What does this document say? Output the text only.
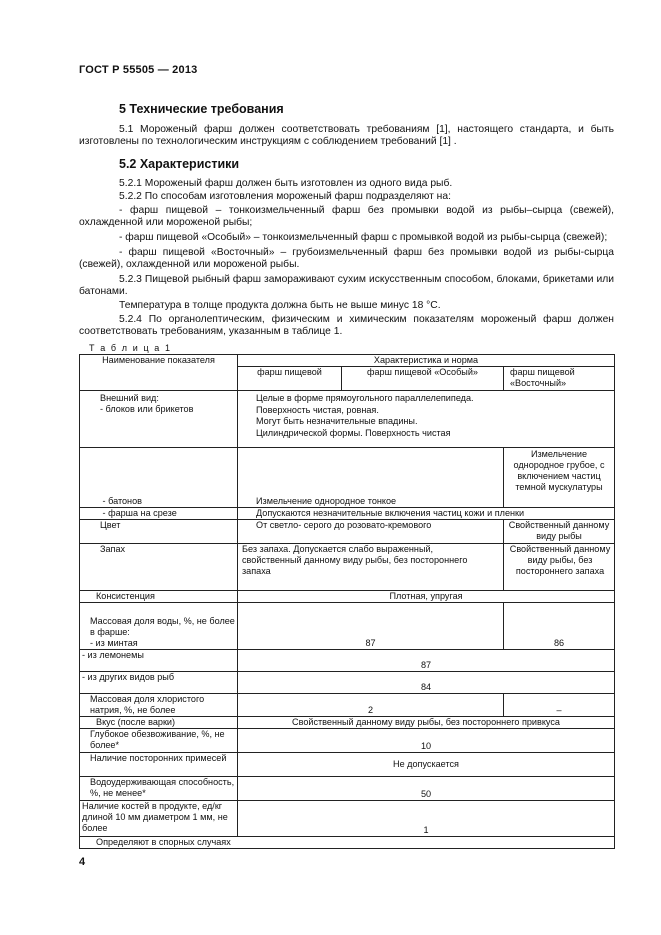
ГОСТ Р 55505 — 2013
5 Технические требования
5.1 Мороженый фарш должен соответствовать требованиям [1], настоящего стандарта, и быть изготовлены по технологическим инструкциям с соблюдением требований [1] .
5.2 Характеристики

5.2.1 Мороженый фарш должен быть изготовлен из одного вида рыб.

5.2.2 По способам изготовления мороженый фарш подразделяют на:

- фарш пищевой – тонкоизмельченный фарш без промывки водой из рыбы–сырца (свежей), охлажденной или мороженой рыбы;

- фарш пищевой «Особый» – тонкоизмельченный фарш с промывкой водой из рыбы-сырца (свежей);

- фарш пищевой «Восточный» – грубоизмельченный фарш без промывки водой из рыбы-сырца (свежей), охлажденной или мороженой рыбы.

5.2.3 Пищевой рыбный фарш замораживают сухим искусственным способом, блоками, брикетами или батонами.

Температура в толще продукта должна быть не выше минус 18 °С.

5.2.4 По органолептическим, физическим и химическим показателям мороженый фарш должен соответствовать требованиям, указанным в таблице 1.

Т а б л и ц а 1
Наименование показателя	Характеристика и норма		
	фарш пищевой	фарш пищевой «Особый»	фарш пищевой «Восточный»
Внешний вид:
- блоков или брикетов	Целые в форме прямоугольного параллелепипеда.
Поверхность чистая, ровная.
Могут быть незначительные впадины.
Цилиндрической формы. Поверхность чистая		
- батонов	Измельчение однородное тонкое		Измельчение однородное грубое, с включением частиц темной мускулатуры
- фарша на срезе	Допускаются незначительные включения частиц кожи и пленки		
Цвет	От светло- серого до розовато-кремового		Свойственный данному виду рыбы
Запах	Без запаха. Допускается слабо выраженный, свойственный данному виду рыбы, без постороннего запаха		Свойственный данному виду рыбы, без постороннего запаха
Консистенция	Плотная, упругая		
Массовая доля воды, %, не более в фарше:
- из минтая	87		86
- из лемонемы	87		
- из других видов рыб	84		
Массовая доля хлористого натрия, %, не более	2		–
Вкус (после варки)	Свойственный данному виду рыбы, без постороннего привкуса		
Глубокое обезвоживание, %, не более*	10		
Наличие посторонних примесей	Не допускается		
Водоудерживающая способность, %, не менее*	50		
Наличие костей в продукте, ед/кг длиной 10 мм диаметром 1 мм, не более	1		
Определяют в спорных случаях			
4
